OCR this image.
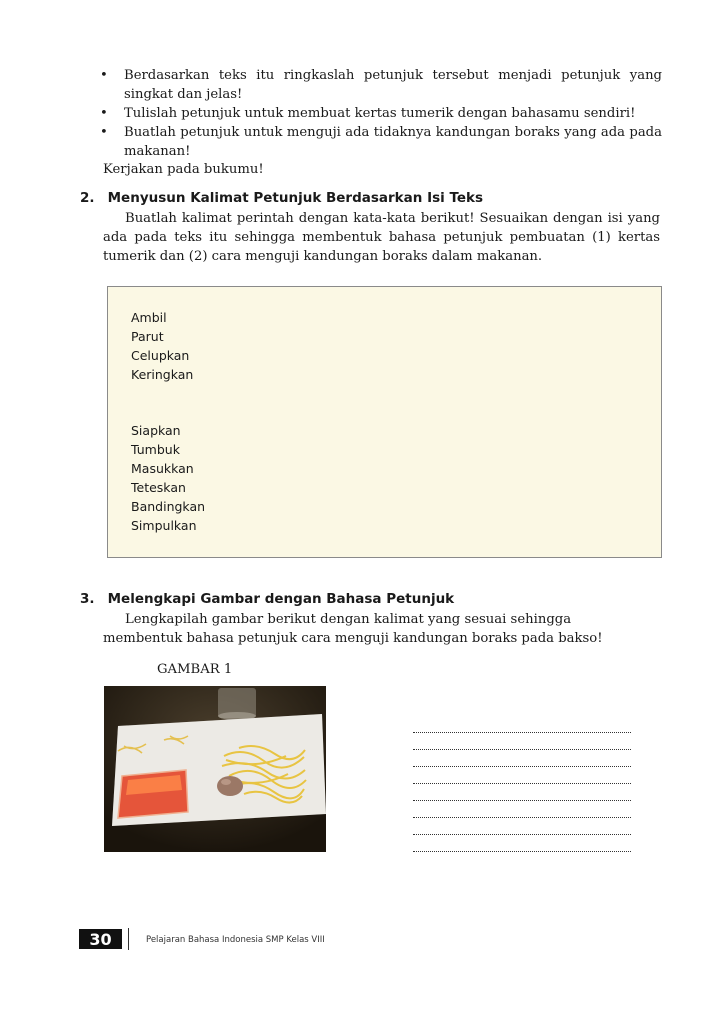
•	Berdasarkan teks itu ringkaslah petunjuk tersebut menjadi petunjuk yang singkat dan jelas!
•	Tulislah petunjuk untuk membuat kertas tumerik dengan bahasamu sendiri!
•	Buatlah petunjuk untuk menguji ada tidaknya kandungan boraks yang ada pada makanan!
Kerjakan pada bukumu!
2. Menyusun Kalimat Petunjuk Berdasarkan Isi Teks

Buatlah kalimat perintah dengan kata-kata berikut! Sesuaikan dengan isi yang ada pada teks itu sehingga membentuk bahasa petunjuk pembuatan (1) kertas tumerik dan (2) cara menguji kandungan boraks dalam makanan.

Ambil
Parut
Celupkan
Keringkan
Siapkan
Tumbuk
Masukkan
Teteskan
Bandingkan
Simpulkan
3. Melengkapi Gambar dengan Bahasa Petunjuk
Lengkapilah gambar berikut dengan kalimat yang sesuai sehingga
membentuk bahasa petunjuk cara menguji kandungan boraks pada bakso!
GAMBAR 1
30	Pelajaran Bahasa Indonesia SMP Kelas VIII
